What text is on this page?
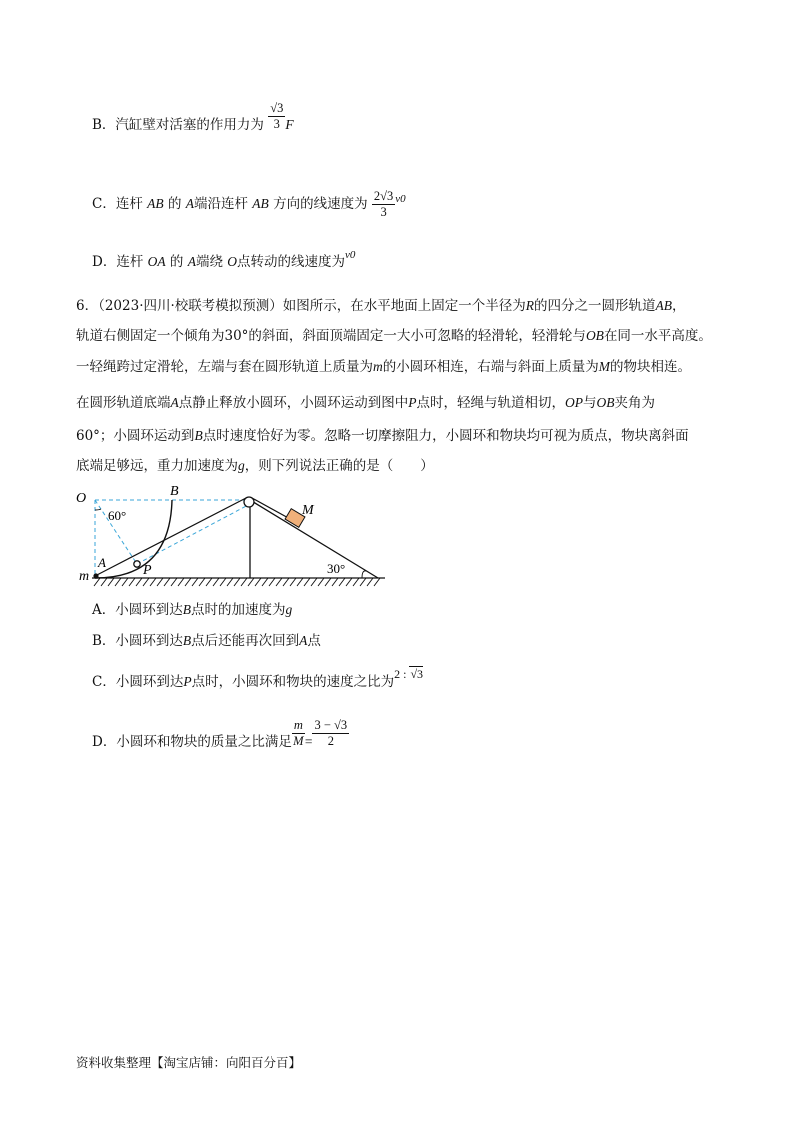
B．汽缸壁对活塞的作用力为 $\frac{√3}{3}$ F
C．连杆 AB 的 A端沿连杆 AB 方向的线速度为 $\frac{2√3}{3} ^{v0}$
D．连杆 OA 的 A端绕 O点转动的线速度为$^{v0}$
6．（2023·四川·校联考模拟预测）如图所示，在水平地面上固定一个半径为R的四分之一圆形轨道AB，
轨道右侧固定一个倾角为30°的斜面，斜面顶端固定一大小可忽略的轻滑轮，轻滑轮与OB在同一水平高度。
一轻绳跨过定滑轮，左端与套在圆形轨道上质量为m的小圆环相连，右端与斜面上质量为M的物块相连。
在圆形轨道底端A点静止释放小圆环，小圆环运动到图中P点时，轻绳与轨道相切，OP与OB夹角为
60°；小圆环运动到B点时速度恰好为零。忽略一切摩擦阻力，小圆环和物块均可视为质点，物块离斜面
底端足够远，重力加速度为g，则下列说法正确的是（　　）
O	B
60°
A
m	P
M
30°
A．小圆环到达B点时的加速度为g
B．小圆环到达B点后还能再次回到A点
C．小圆环到达P点时，小圆环和物块的速度之比为2 : √3
D．小圆环和物块的质量之比满足 $\frac{m}{M} = \frac{3 - √3}{2}$
资料收集整理【淘宝店铺：向阳百分百】
